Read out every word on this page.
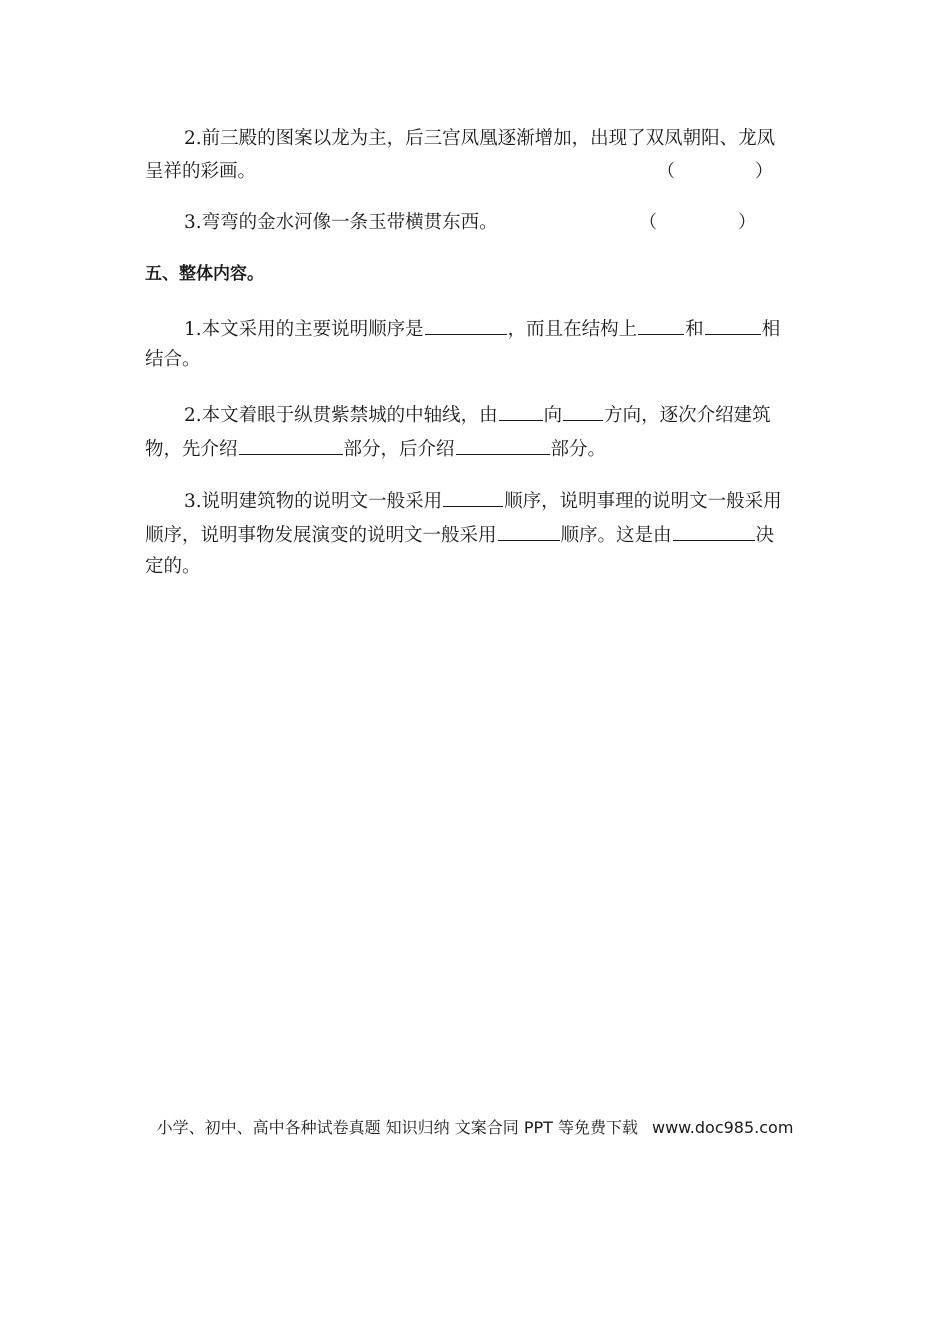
2.前三殿的图案以龙为主，后三宫凤凰逐渐增加，出现了双凤朝阳、龙凤
呈祥的彩画。	（	）
3.弯弯的金水河像一条玉带横贯东西。	（	）
五、整体内容。
1.本文采用的主要说明顺序是	，而且在结构上	和	相
结合。
2.本文着眼于纵贯紫禁城的中轴线，由 向 方向，逐次介绍建筑
物，先介绍	部分，后介绍	部分。
3.说明建筑物的说明文一般采用	顺序，说明事理的说明文一般采用
顺序，说明事物发展演变的说明文一般采用	顺序。这是由	决
定的。
小学、初中、高中各种试卷真题 知识归纳 文案合同 PPT 等免费下载 www.doc985.com
